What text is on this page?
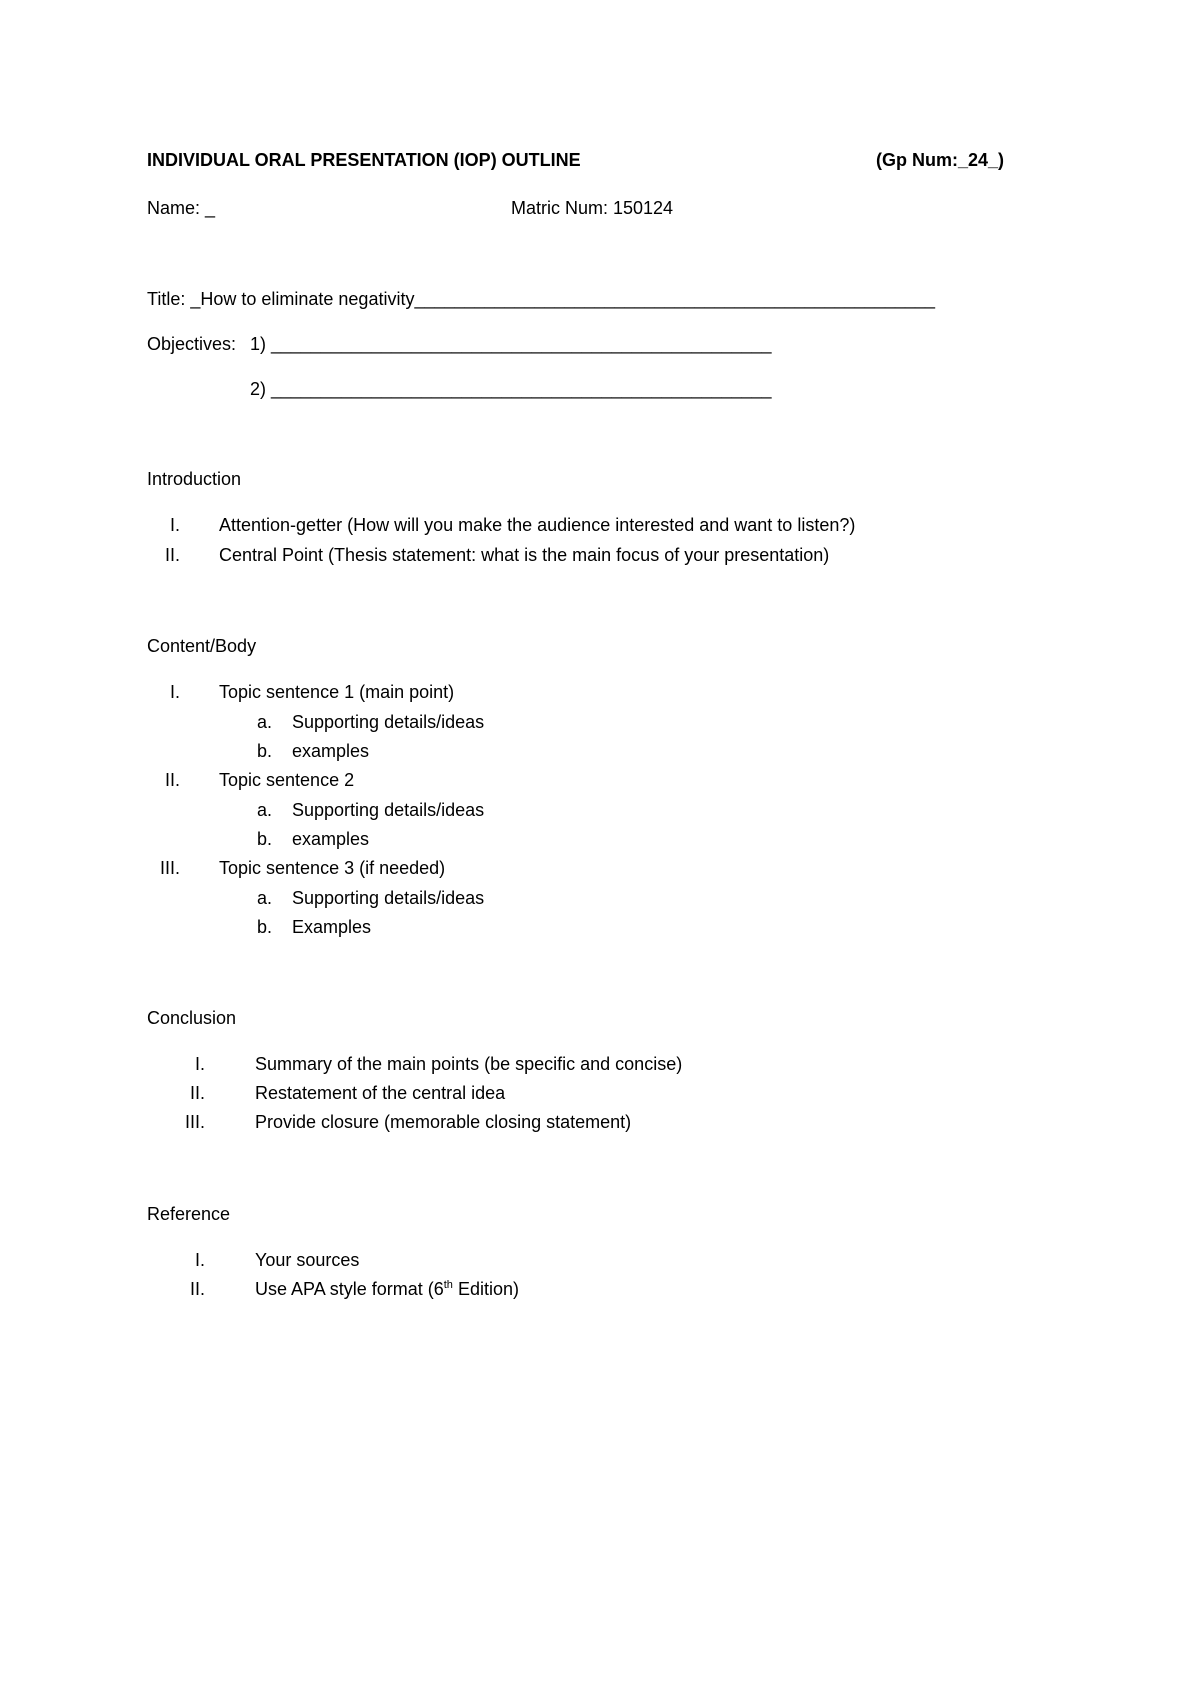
INDIVIDUAL ORAL PRESENTATION (IOP) OUTLINE	(Gp Num:_24_)
Name: _	Matric Num: 150124
Title: _How to eliminate negativity____________________________________________________
Objectives: 1) __________________________________________________
2) __________________________________________________
Introduction
I. Attention-getter (How will you make the audience interested and want to listen?)
II. Central Point (Thesis statement: what is the main focus of your presentation)
Content/Body
I. Topic sentence 1 (main point)
a. Supporting details/ideas
b. examples
II. Topic sentence 2
a. Supporting details/ideas
b. examples
III. Topic sentence 3 (if needed)
a. Supporting details/ideas
b. Examples
Conclusion
I.	Summary of the main points (be specific and concise)
II.	Restatement of the central idea
III.	Provide closure (memorable closing statement)
Reference
I.	Your sources
II.	Use APA style format (6th Edition)
